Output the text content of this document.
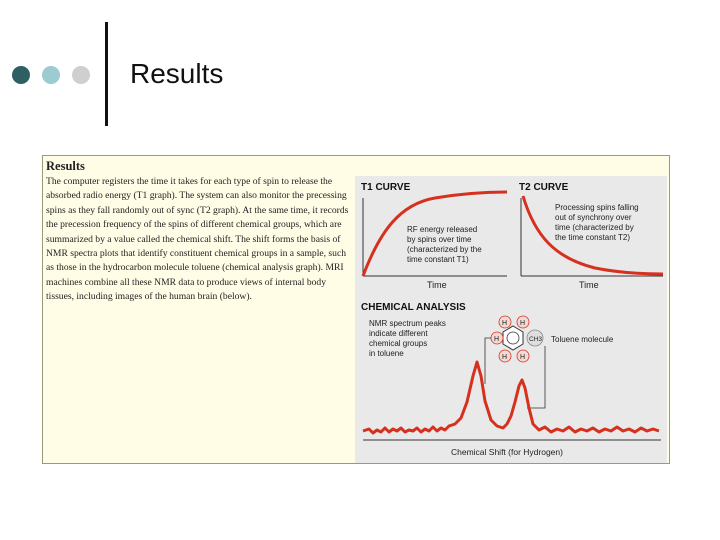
Results
Results
The computer registers the time it takes for each type of spin to release the absorbed radio energy (T1 graph). The system can also monitor the precessing spins as they fall randomly out of sync (T2 graph). At the same time, it records the precession frequency of the spins of different chemical groups, which are summarized by a value called the chemical shift. The shift forms the basis of NMR spectra plots that identify constituent chemical groups in a sample, such as those in the hydrocarbon molecule toluene (chemical analysis graph). MRI machines combine all these NMR data to produce views of internal body tissues, including images of the human brain (below).
T1 CURVE
RF energy released
by spins over time
(characterized by the
time constant T1)
Time
T2 CURVE
Processing spins falling
out of synchrony over
time (characterized by
the time constant T2)
Time
CHEMICAL ANALYSIS
NMR spectrum peaks
indicate different
chemical groups
in toluene
H H
H
H H
CH3 Toluene molecule
Chemical Shift (for Hydrogen)
